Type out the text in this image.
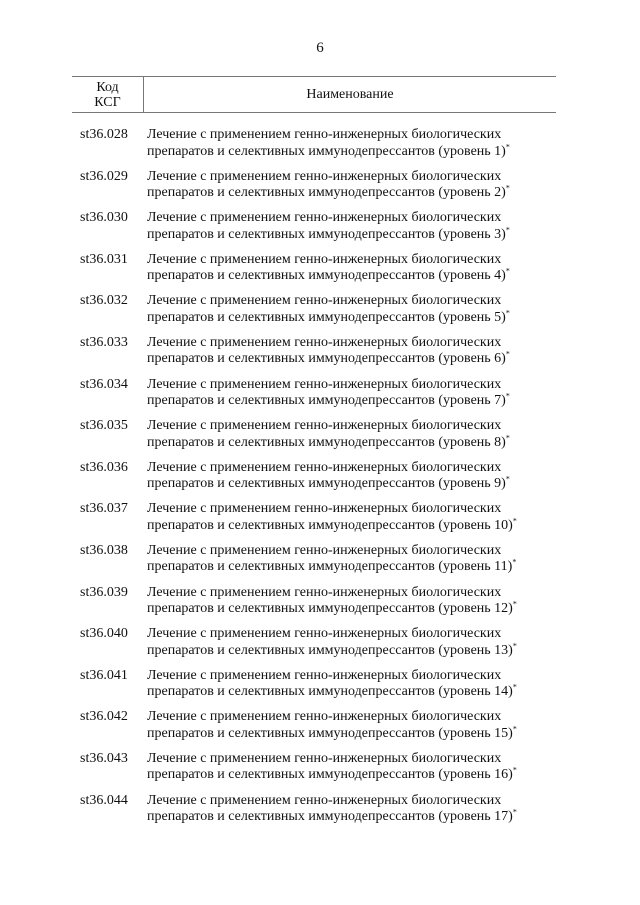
6
Код
КСГ
Наименование
st36.028	Лечение с применением генно-инженерных биологических
препаратов и селективных иммунодепрессантов (уровень 1)*
st36.029	Лечение с применением генно-инженерных биологических
препаратов и селективных иммунодепрессантов (уровень 2)*
st36.030	Лечение с применением генно-инженерных биологических
препаратов и селективных иммунодепрессантов (уровень 3)*
st36.031	Лечение с применением генно-инженерных биологических
препаратов и селективных иммунодепрессантов (уровень 4)*
st36.032	Лечение с применением генно-инженерных биологических
препаратов и селективных иммунодепрессантов (уровень 5)*
st36.033	Лечение с применением генно-инженерных биологических
препаратов и селективных иммунодепрессантов (уровень 6)*
st36.034	Лечение с применением генно-инженерных биологических
препаратов и селективных иммунодепрессантов (уровень 7)*
st36.035	Лечение с применением генно-инженерных биологических
препаратов и селективных иммунодепрессантов (уровень 8)*
st36.036	Лечение с применением генно-инженерных биологических
препаратов и селективных иммунодепрессантов (уровень 9)*
st36.037	Лечение с применением генно-инженерных биологических
препаратов и селективных иммунодепрессантов (уровень 10)*
st36.038	Лечение с применением генно-инженерных биологических
препаратов и селективных иммунодепрессантов (уровень 11)*
st36.039	Лечение с применением генно-инженерных биологических
препаратов и селективных иммунодепрессантов (уровень 12)*
st36.040	Лечение с применением генно-инженерных биологических
препаратов и селективных иммунодепрессантов (уровень 13)*
st36.041	Лечение с применением генно-инженерных биологических
препаратов и селективных иммунодепрессантов (уровень 14)*
st36.042	Лечение с применением генно-инженерных биологических
препаратов и селективных иммунодепрессантов (уровень 15)*
st36.043	Лечение с применением генно-инженерных биологических
препаратов и селективных иммунодепрессантов (уровень 16)*
st36.044	Лечение с применением генно-инженерных биологических
препаратов и селективных иммунодепрессантов (уровень 17)*
